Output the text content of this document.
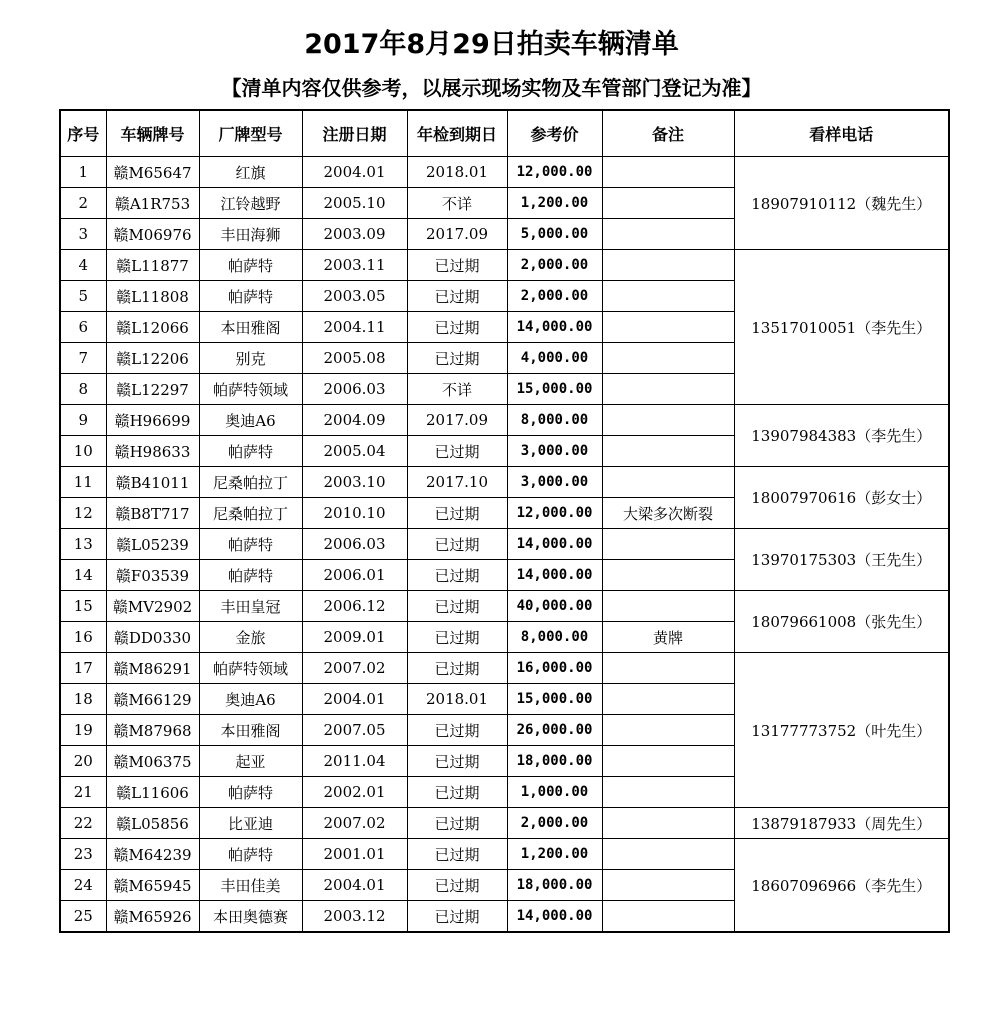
2017年8月29日拍卖车辆清单
【清单内容仅供参考，以展示现场实物及车管部门登记为准】
序号	车辆牌号	厂牌型号	注册日期	年检到期日	参考价	备注	看样电话
1	赣M65647	红旗	2004.01	2018.01	12,000.00		18907910112（魏先生）
2	赣A1R753	江铃越野	2005.10	不详	1,200.00		
3	赣M06976	丰田海狮	2003.09	2017.09	5,000.00		
4	赣L11877	帕萨特	2003.11	已过期	2,000.00		13517010051（李先生）
5	赣L11808	帕萨特	2003.05	已过期	2,000.00		
6	赣L12066	本田雅阁	2004.11	已过期	14,000.00		
7	赣L12206	别克	2005.08	已过期	4,000.00		
8	赣L12297	帕萨特领域	2006.03	不详	15,000.00		
9	赣H96699	奥迪A6	2004.09	2017.09	8,000.00		13907984383（李先生）
10	赣H98633	帕萨特	2005.04	已过期	3,000.00		
11	赣B41011	尼桑帕拉丁	2003.10	2017.10	3,000.00		18007970616（彭女士）
12	赣B8T717	尼桑帕拉丁	2010.10	已过期	12,000.00	大梁多次断裂	
13	赣L05239	帕萨特	2006.03	已过期	14,000.00		13970175303（王先生）
14	赣F03539	帕萨特	2006.01	已过期	14,000.00		
15	赣MV2902	丰田皇冠	2006.12	已过期	40,000.00		18079661008（张先生）
16	赣DD0330	金旅	2009.01	已过期	8,000.00	黄牌	
17	赣M86291	帕萨特领域	2007.02	已过期	16,000.00		13177773752（叶先生）
18	赣M66129	奥迪A6	2004.01	2018.01	15,000.00		
19	赣M87968	本田雅阁	2007.05	已过期	26,000.00		
20	赣M06375	起亚	2011.04	已过期	18,000.00		
21	赣L11606	帕萨特	2002.01	已过期	1,000.00		
22	赣L05856	比亚迪	2007.02	已过期	2,000.00		13879187933（周先生）
23	赣M64239	帕萨特	2001.01	已过期	1,200.00		18607096966（李先生）
24	赣M65945	丰田佳美	2004.01	已过期	18,000.00		
25	赣M65926	本田奥德赛	2003.12	已过期	14,000.00		
